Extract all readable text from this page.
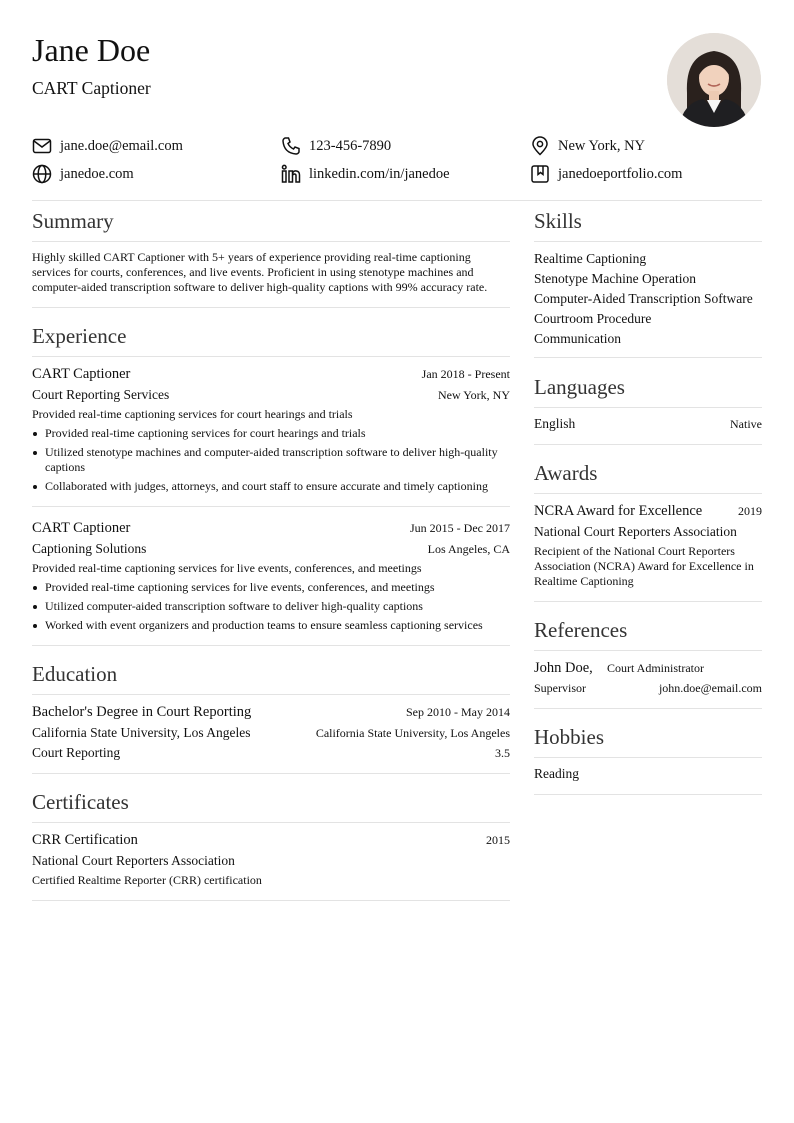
Jane Doe
CART Captioner
jane.doe@email.com	123-456-7890	New York, NY
janedoe.com	linkedin.com/in/janedoe	janedoeportfolio.com
Summary
Highly skilled CART Captioner with 5+ years of experience providing real-time captioning services for courts, conferences, and live events. Proficient in using stenotype machines and computer-aided transcription software to deliver high-quality captions with 99% accuracy rate.
Experience
CART Captioner	Jan 2018 - Present
Court Reporting Services	New York, NY
Provided real-time captioning services for court hearings and trials
Provided real-time captioning services for court hearings and trials
Utilized stenotype machines and computer-aided transcription software to deliver high-quality captions
Collaborated with judges, attorneys, and court staff to ensure accurate and timely captioning
CART Captioner	Jun 2015 - Dec 2017
Captioning Solutions	Los Angeles, CA
Provided real-time captioning services for live events, conferences, and meetings
Provided real-time captioning services for live events, conferences, and meetings
Utilized computer-aided transcription software to deliver high-quality captions
Worked with event organizers and production teams to ensure seamless captioning services
Education
Bachelor's Degree in Court Reporting	Sep 2010 - May 2014
California State University, Los Angeles	California State University, Los Angeles
Court Reporting	3.5
Certificates
CRR Certification	2015
National Court Reporters Association
Certified Realtime Reporter (CRR) certification
Skills
Realtime Captioning
Stenotype Machine Operation
Computer-Aided Transcription Software
Courtroom Procedure
Communication
Languages
English	Native
Awards
NCRA Award for Excellence	2019
National Court Reporters Association
Recipient of the National Court Reporters Association (NCRA) Award for Excellence in Realtime Captioning
References
John Doe, Court Administrator
Supervisor	john.doe@email.com
Hobbies
Reading
